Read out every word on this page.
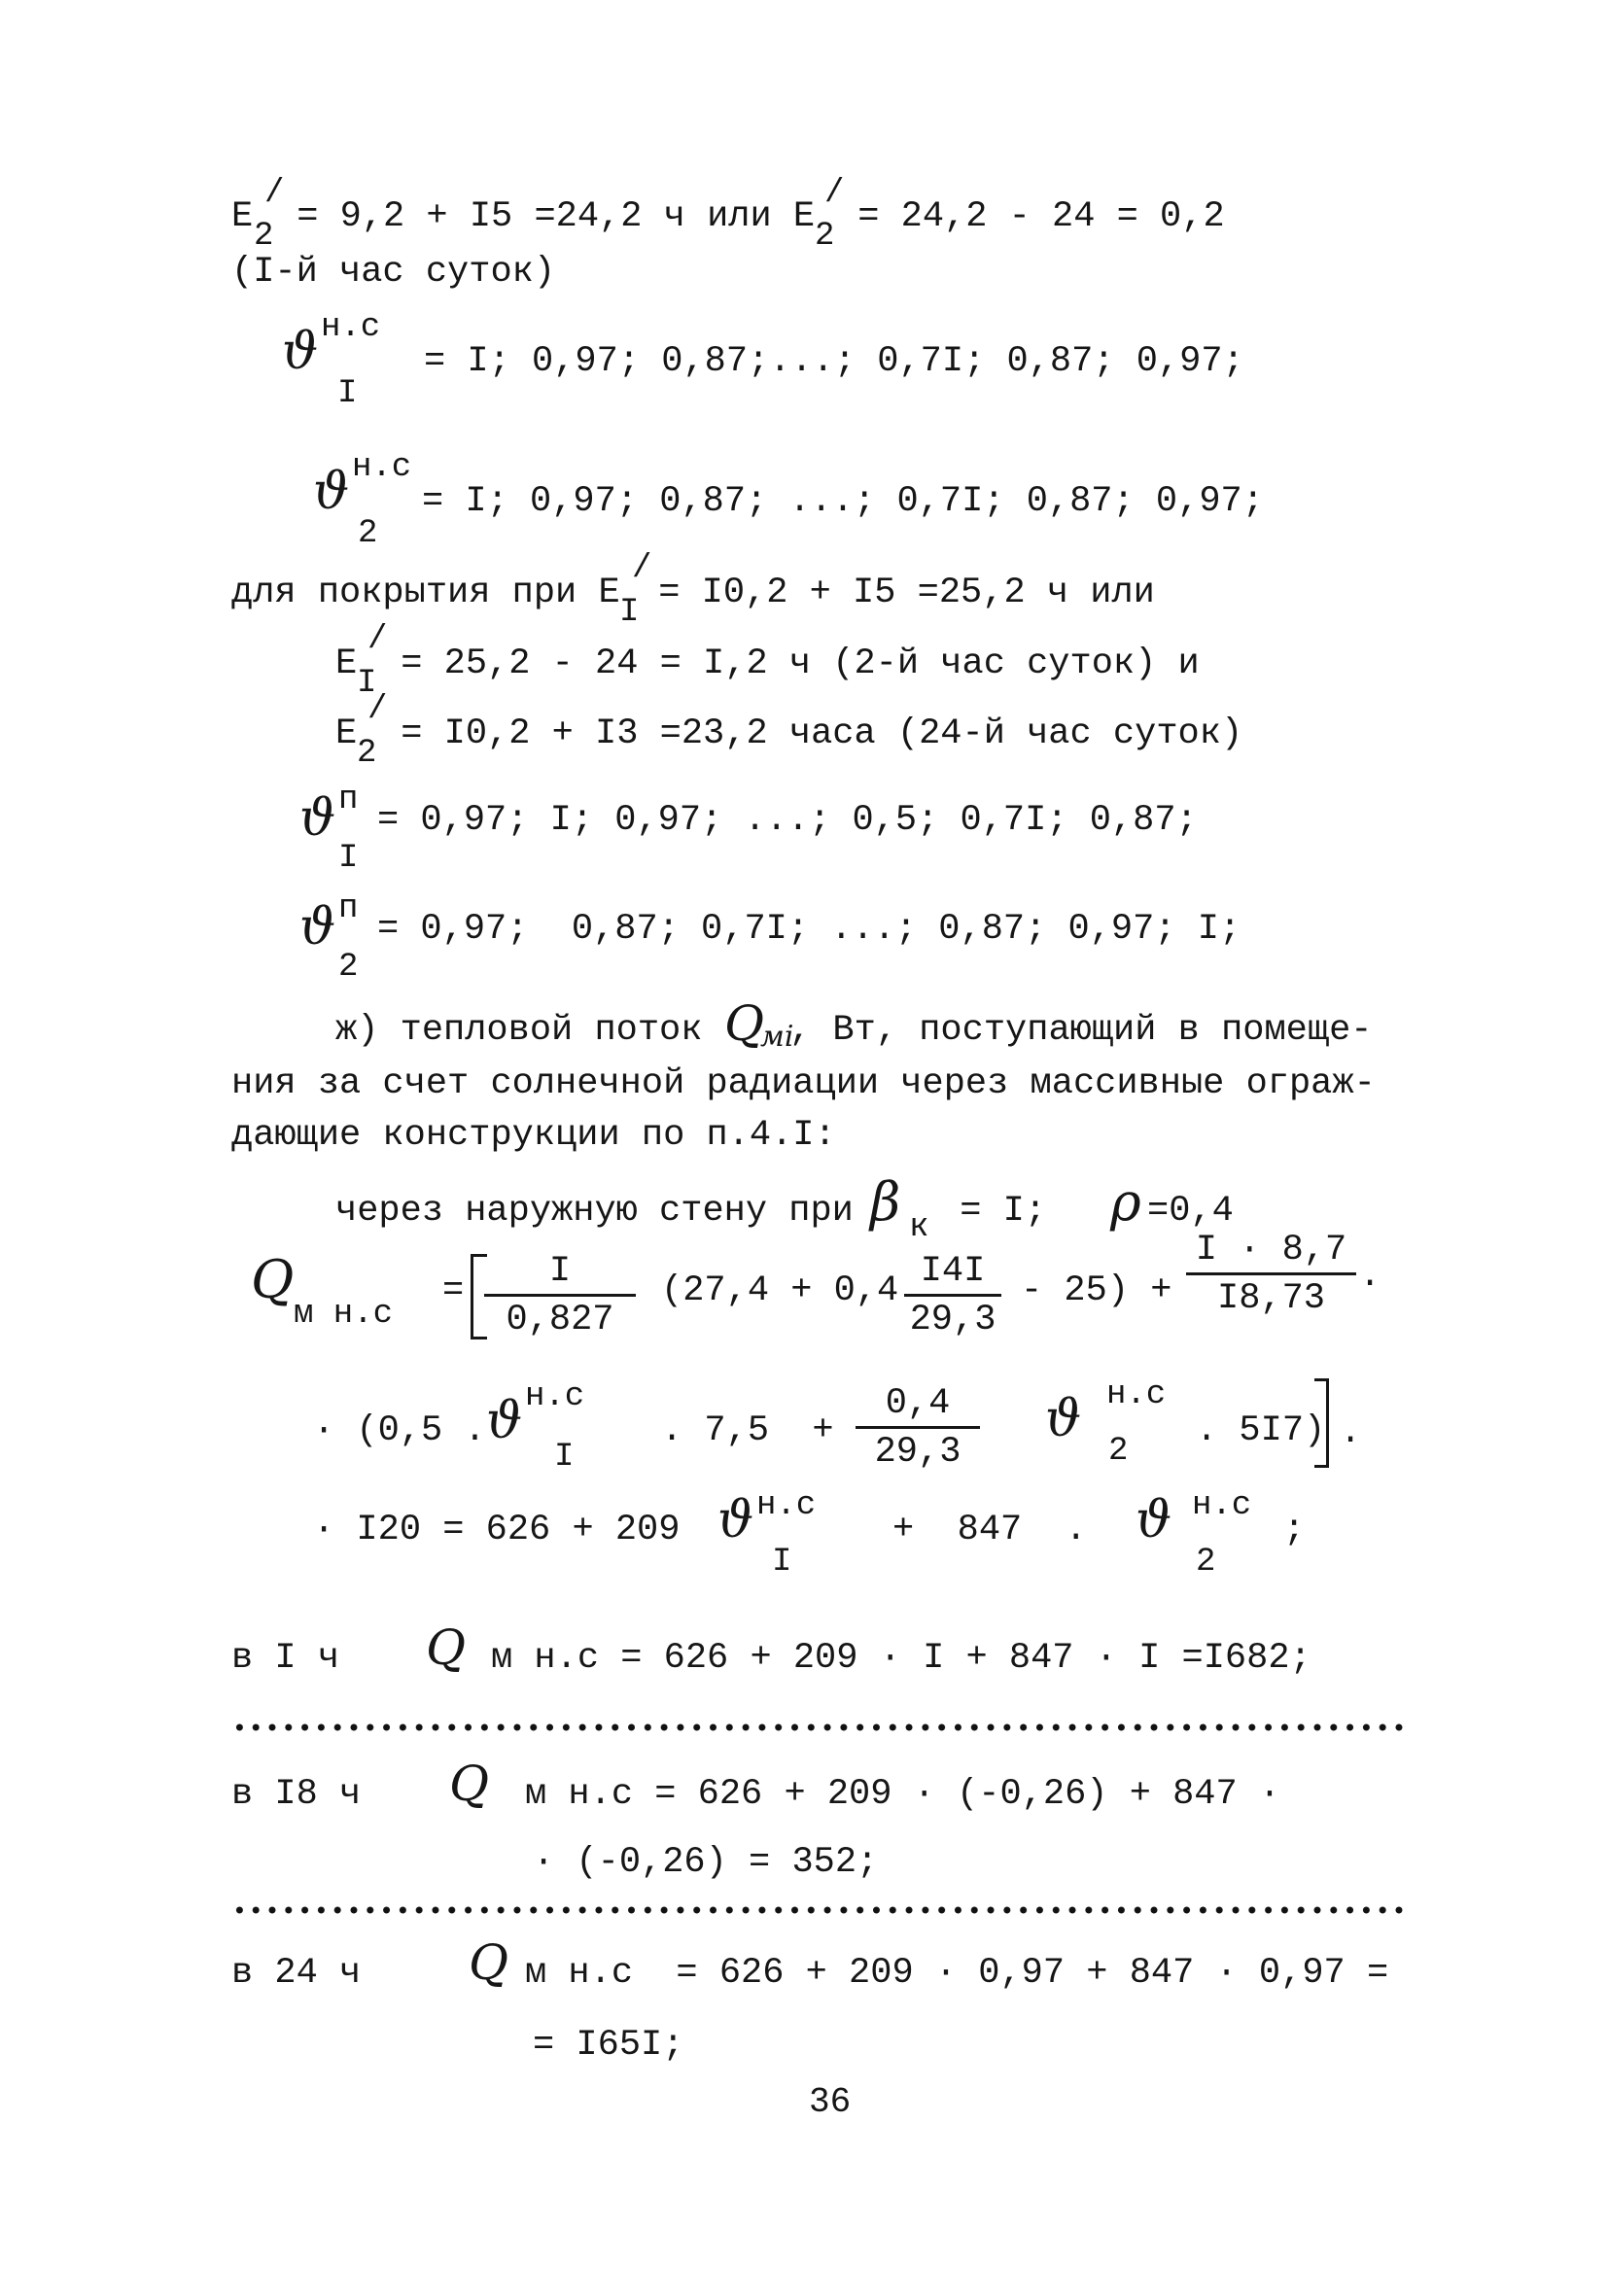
E
/
2 = 9,2 + I5 =24,2 ч или E
/
2 = 24,2 - 24 = 0,2
(I-й час суток)
ϑ н.с
I
= I; 0,97; 0,87;...; 0,7I; 0,87; 0,97;
ϑ н.с
2
= I; 0,97; 0,87; ...; 0,7I; 0,87; 0,97;
для покрытия при E
/
I
= I0,2 + I5 =25,2 ч или
E
/
I = 25,2 - 24 = I,2 ч (2-й час суток) и
E
/
2 = I0,2 + I3 =23,2 часа (24-й час суток)
ϑ п
I
= 0,97; I; 0,97; ...; 0,5; 0,7I; 0,87;
ϑ п
2
= 0,97;  0,87; 0,7I; ...; 0,87; 0,97; I;
ж) тепловой поток Q
мi
, Вт, поступающий в помеще-
ния за счет солнечной радиации через массивные ограж-
дающие конструкции по п.4.I:
через наружную стену при
β к = I; ρ =0,4
Q
м н.с
= $\frac{I}{0,827} (27,4 + 0,4 \frac{I4I}{29,3} - 25) + \frac{I \cdot 8,7}{I8,73}$ .
· (0,5 . ϑ н.с
I
. $7,5 + \frac{0,4}{29,3}$ ϑ н.с
2 . 5I7) .
· I20 = 626 + 209 ϑ н.с
I
+  847  . ϑ н.с
2
;
в I ч Q м н.с = 626 + 209 · I + 847 · I =I682;
в I8 ч Q м н.с = 626 + 209 · (-0,26) + 847 ·
· (-0,26) = 352;
в 24 ч Q м н.с  = 626 + 209 · 0,97 + 847 · 0,97 =
= I65I;
36
